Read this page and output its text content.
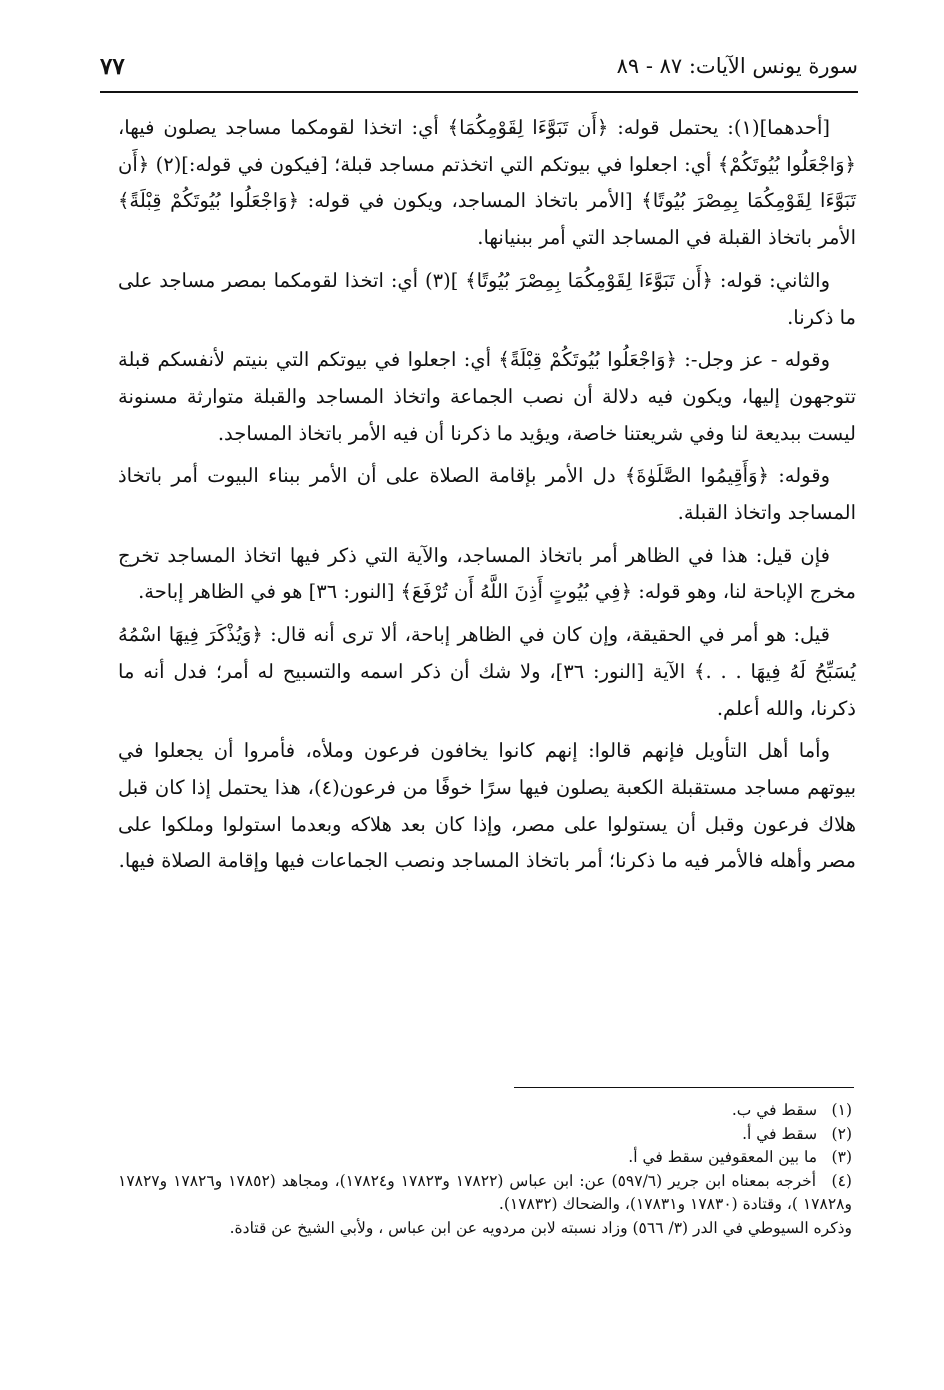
٧٧	سورة يونس الآيات: ٨٧ - ٨٩

[أحدهما](١): يحتمل قوله: ﴿أَن تَبَوَّءَا لِقَوْمِكُمَا﴾ أي: اتخذا لقومكما مساجد يصلون فيها، ﴿وَاجْعَلُوا بُيُوتَكُمْ﴾ أي: اجعلوا في بيوتكم التي اتخذتم مساجد قبلة؛ [فيكون في قوله:](٢) ﴿أَن تَبَوَّءَا لِقَوْمِكُمَا بِمِصْرَ بُيُوتًا﴾ [الأمر باتخاذ المساجد، ويكون في قوله: ﴿وَاجْعَلُوا بُيُوتَكُمْ قِبْلَةً﴾ الأمر باتخاذ القبلة في المساجد التي أمر ببنيانها.

والثاني: قوله: ﴿أَن تَبَوَّءَا لِقَوْمِكُمَا بِمِصْرَ بُيُوتًا﴾ ](٣) أي: اتخذا لقومكما بمصر مساجد على ما ذكرنا.

وقوله - عز وجل-: ﴿وَاجْعَلُوا بُيُوتَكُمْ قِبْلَةً﴾ أي: اجعلوا في بيوتكم التي بنيتم لأنفسكم قبلة تتوجهون إليها، ويكون فيه دلالة أن نصب الجماعة واتخاذ المساجد والقبلة متوارثة مسنونة ليست ببديعة لنا وفي شريعتنا خاصة، ويؤيد ما ذكرنا أن فيه الأمر باتخاذ المساجد.

وقوله: ﴿وَأَقِيمُوا الصَّلَوٰةَ﴾ دل الأمر بإقامة الصلاة على أن الأمر ببناء البيوت أمر باتخاذ المساجد واتخاذ القبلة.

فإن قيل: هذا في الظاهر أمر باتخاذ المساجد، والآية التي ذكر فيها اتخاذ المساجد تخرج مخرج الإباحة لنا، وهو قوله: ﴿فِي بُيُوتٍ أَذِنَ اللَّهُ أَن تُرْفَعَ﴾ [النور: ٣٦] هو في الظاهر إباحة.

قيل: هو أمر في الحقيقة، وإن كان في الظاهر إباحة، ألا ترى أنه قال: ﴿وَيُذْكَرَ فِيهَا اسْمُهُ يُسَبِّحُ لَهُ فِيهَا . . .﴾ الآية [النور: ٣٦]، ولا شك أن ذكر اسمه والتسبيح له أمر؛ فدل أنه ما ذكرنا، والله أعلم.

وأما أهل التأويل فإنهم قالوا: إنهم كانوا يخافون فرعون وملأه، فأمروا أن يجعلوا في بيوتهم مساجد مستقبلة الكعبة يصلون فيها سرًا خوفًا من فرعون(٤)، هذا يحتمل إذا كان قبل هلاك فرعون وقبل أن يستولوا على مصر، وإذا كان بعد هلاكه وبعدما استولوا وملكوا على مصر وأهله فالأمر فيه ما ذكرنا؛ أمر باتخاذ المساجد ونصب الجماعات فيها وإقامة الصلاة فيها.

(١) سقط في ب.

(٢) سقط في أ.

(٣) ما بين المعقوفين سقط في أ.

(٤) أخرجه بمعناه ابن جرير (٥٩٧/٦) عن: ابن عباس (١٧٨٢٢ و١٧٨٢٣ و١٧٨٢٤)، ومجاهد (١٧٨٥٢ و١٧٨٢٦ و١٧٨٢٧ و١٧٨٢٨ )، وقتادة (١٧٨٣٠ و١٧٨٣١)، والضحاك (١٧٨٣٢).

وذكره السيوطي في الدر (٣/ ٥٦٦) وزاد نسبته لابن مردويه عن ابن عباس ، ولأبي الشيخ عن قتادة.
